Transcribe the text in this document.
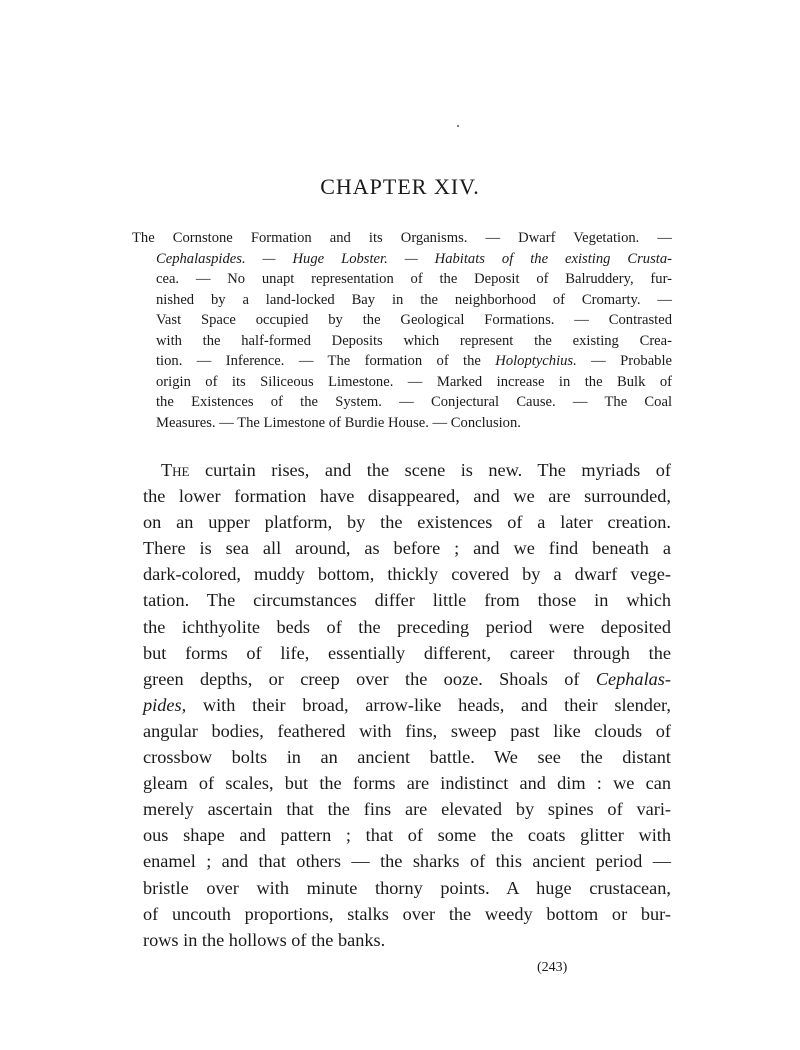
CHAPTER XIV.
The Cornstone Formation and its Organisms. — Dwarf Vegetation. —
Cephalaspides. — Huge Lobster. — Habitats of the existing Crusta-
cea. — No unapt representation of the Deposit of Balruddery, fur-
nished by a land-locked Bay in the neighborhood of Cromarty. —
Vast Space occupied by the Geological Formations. — Contrasted
with the half-formed Deposits which represent the existing Crea-
tion. — Inference. — The formation of the Holoptychius. — Probable
origin of its Siliceous Limestone. — Marked increase in the Bulk of
the Existences of the System. — Conjectural Cause. — The Coal
Measures. — The Limestone of Burdie House. — Conclusion.
The curtain rises, and the scene is new. The myriads of
the lower formation have disappeared, and we are surrounded,
on an upper platform, by the existences of a later creation.
There is sea all around, as before ; and we find beneath a
dark-colored, muddy bottom, thickly covered by a dwarf vege-
tation. The circumstances differ little from those in which
the ichthyolite beds of the preceding period were deposited
but forms of life, essentially different, career through the
green depths, or creep over the ooze. Shoals of Cephalas-
pides, with their broad, arrow-like heads, and their slender,
angular bodies, feathered with fins, sweep past like clouds of
crossbow bolts in an ancient battle. We see the distant
gleam of scales, but the forms are indistinct and dim : we can
merely ascertain that the fins are elevated by spines of vari-
ous shape and pattern ; that of some the coats glitter with
enamel ; and that others — the sharks of this ancient period —
bristle over with minute thorny points. A huge crustacean,
of uncouth proportions, stalks over the weedy bottom or bur-
rows in the hollows of the banks.
(243)
